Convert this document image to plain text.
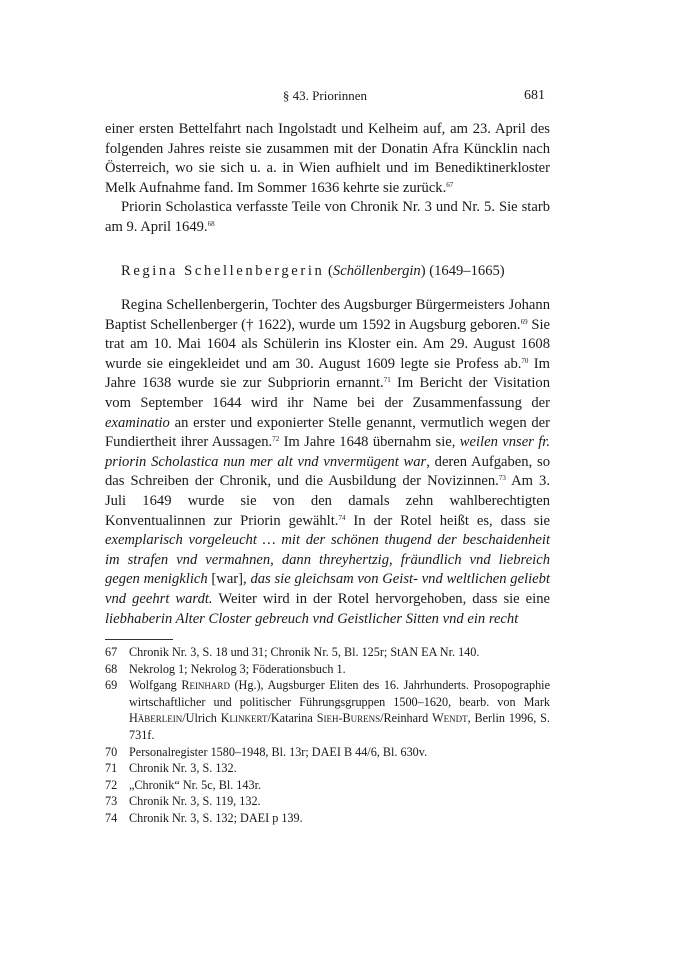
§ 43. Priorinnen	681

einer ersten Bettelfahrt nach Ingolstadt und Kelheim auf, am 23. April des folgenden Jahres reiste sie zusammen mit der Donatin Afra Küncklin nach Österreich, wo sie sich u. a. in Wien aufhielt und im Benediktinerkloster Melk Aufnahme fand. Im Sommer 1636 kehrte sie zurück.$^{67}$

Priorin Scholastica verfasste Teile von Chronik Nr. 3 und Nr. 5. Sie starb am 9. April 1649.68

Regina Schellenbergerin (Schöllenbergin) (1649–1665)

Regina Schellenbergerin, Tochter des Augsburger Bürgermeisters Johann Baptist Schellenberger († 1622), wurde um 1592 in Augsburg geboren.$^{69}$ Sie trat am 10. Mai 1604 als Schülerin ins Kloster ein. Am 29. August 1608 wurde sie eingekleidet und am 30. August 1609 legte sie Profess ab.$^{70}$ Im Jahre 1638 wurde sie zur Subpriorin ernannt.$^{71}$ Im Bericht der Visitation vom September 1644 wird ihr Name bei der Zusammenfassung der examinatio an erster und exponierter Stelle genannt, vermutlich wegen der Fundiertheit ihrer Aussagen.$^{72}$ Im Jahre 1648 übernahm sie, weilen vnser fr. priorin Scholastica nun mer alt vnd vnvermügent war, deren Aufgaben, so das Schreiben der Chronik, und die Ausbildung der Novizinnen.$^{73}$ Am 3. Juli 1649 wurde sie von den damals zehn wahlberechtigten Konventualinnen zur Priorin gewählt.$^{74}$ In der Rotel heißt es, dass sie exemplarisch vorgeleucht … mit der schönen thugend der beschaidenheit im strafen vnd vermahnen, dann threyhertzig, fräundlich vnd liebreich gegen menigklich [war], das sie gleichsam von Geist- vnd weltlichen geliebt vnd geehrt wardt. Weiter wird in der Rotel hervorgehoben, dass sie eine liebhaberin Alter Closter gebreuch vnd Geistlicher Sitten vnd ein recht

67 Chronik Nr. 3, S. 18 und 31; Chronik Nr. 5, Bl. 125r; StAN EA Nr. 140.
68 Nekrolog 1; Nekrolog 3; Föderationsbuch 1.
69 Wolfgang Reinhard (Hg.), Augsburger Eliten des 16. Jahrhunderts. Prosopographie wirtschaftlicher und politischer Führungsgruppen 1500–1620, bearb. von Mark Häberlein/Ulrich Klinkert/Katarina Sieh-Burens/Reinhard Wendt, Berlin 1996, S. 731f.
70 Personalregister 1580–1948, Bl. 13r; DAEI B 44/6, Bl. 630v.
71 Chronik Nr. 3, S. 132.
72 „Chronik“ Nr. 5c, Bl. 143r.
73 Chronik Nr. 3, S. 119, 132.
74 Chronik Nr. 3, S. 132; DAEI p 139.
